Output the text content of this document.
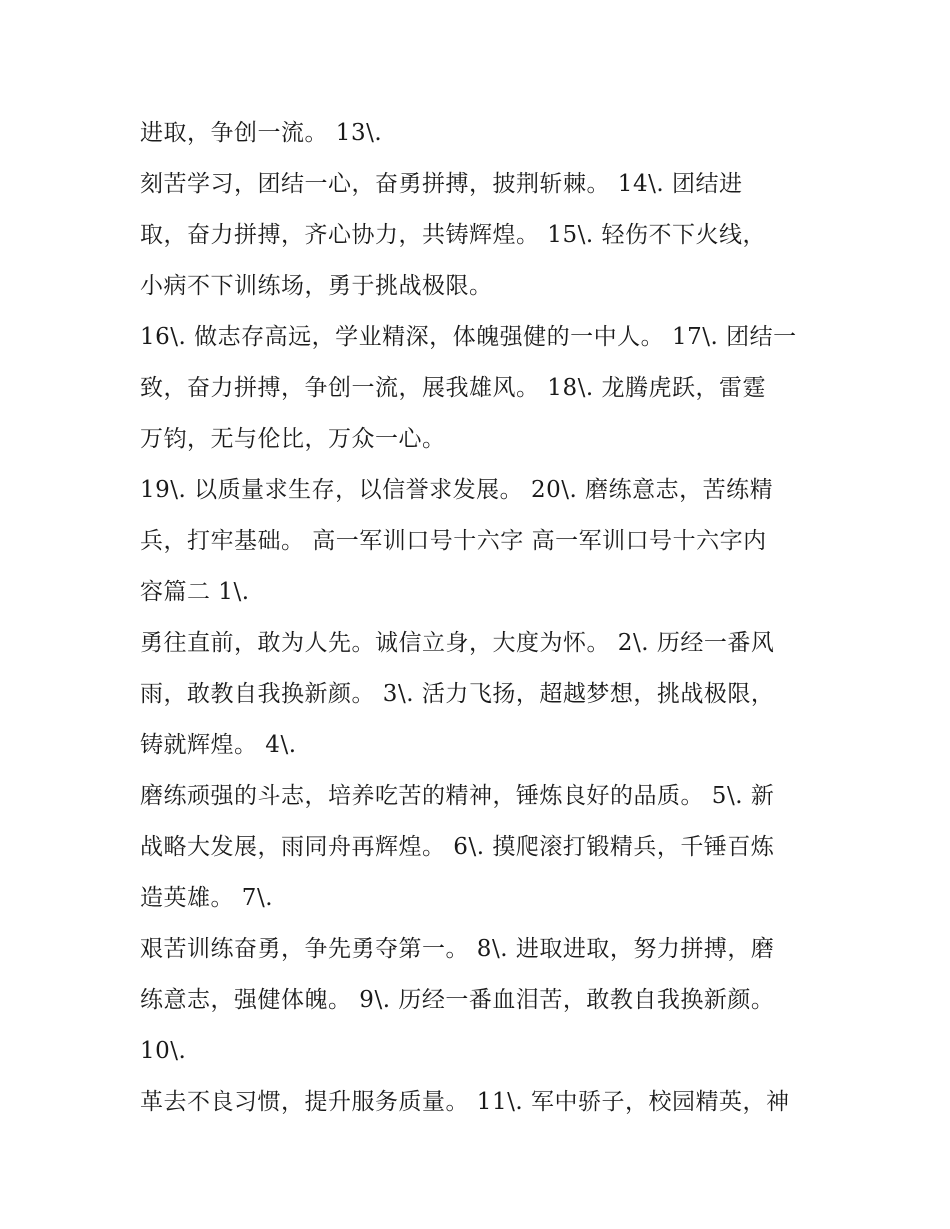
进取，争创一流。 13\.
刻苦学习，团结一心，奋勇拼搏，披荆斩棘。 14\. 团结进
取，奋力拼搏，齐心协力，共铸辉煌。 15\. 轻伤不下火线，
小病不下训练场，勇于挑战极限。
16\. 做志存高远，学业精深，体魄强健的一中人。 17\. 团结一
致，奋力拼搏，争创一流，展我雄风。 18\. 龙腾虎跃，雷霆
万钧，无与伦比，万众一心。
19\. 以质量求生存，以信誉求发展。 20\. 磨练意志，苦练精
兵，打牢基础。 高一军训口号十六字 高一军训口号十六字内
容篇二 1\.
勇往直前，敢为人先。诚信立身，大度为怀。 2\. 历经一番风
雨，敢教自我换新颜。 3\. 活力飞扬，超越梦想，挑战极限，
铸就辉煌。 4\.
磨练顽强的斗志，培养吃苦的精神，锤炼良好的品质。 5\. 新
战略大发展，雨同舟再辉煌。 6\. 摸爬滚打锻精兵，千锤百炼
造英雄。 7\.
艰苦训练奋勇，争先勇夺第一。 8\. 进取进取，努力拼搏，磨
练意志，强健体魄。 9\. 历经一番血泪苦，敢教自我换新颜。
10\.
革去不良习惯，提升服务质量。 11\. 军中骄子，校园精英，神
